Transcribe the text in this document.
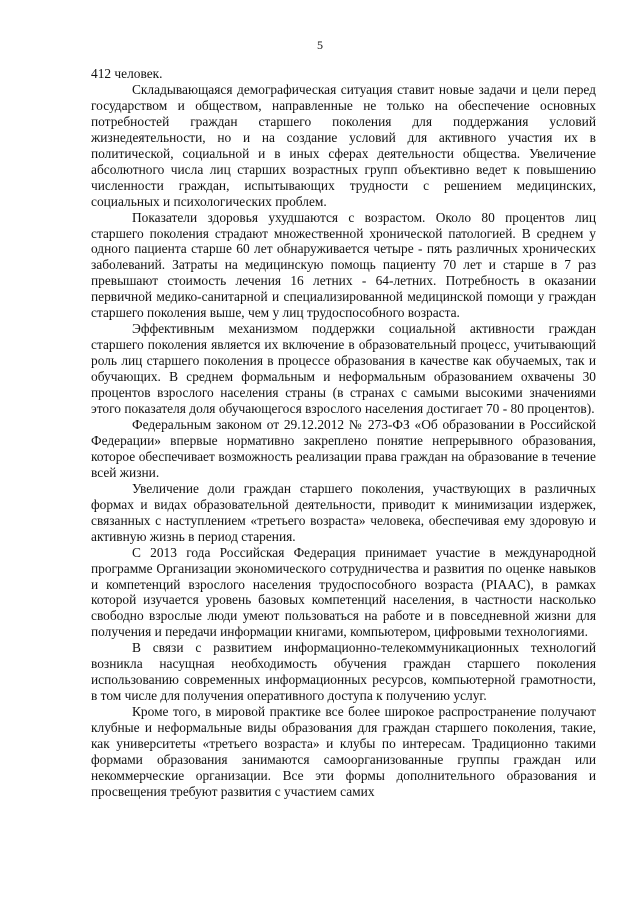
5

412 человек.

Складывающаяся демографическая ситуация ставит новые задачи и цели перед государством и обществом, направленные не только на обеспечение основных потребностей граждан старшего поколения для поддержания условий жизнедеятельности, но и на создание условий для активного участия их в политической, социальной и в иных сферах деятельности общества. Увеличение абсолютного числа лиц старших возрастных групп объективно ведет к повышению численности граждан, испытывающих трудности с решением медицинских, социальных и психологических проблем.

Показатели здоровья ухудшаются с возрастом. Около 80 процентов лиц старшего поколения страдают множественной хронической патологией. В среднем у одного пациента старше 60 лет обнаруживается четыре - пять различных хронических заболеваний. Затраты на медицинскую помощь пациенту 70 лет и старше в 7 раз превышают стоимость лечения 16 летних - 64-летних. Потребность в оказании первичной медико-санитарной и специализированной медицинской помощи у граждан старшего поколения выше, чем у лиц трудоспособного возраста.

Эффективным механизмом поддержки социальной активности граждан старшего поколения является их включение в образовательный процесс, учитывающий роль лиц старшего поколения в процессе образования в качестве как обучаемых, так и обучающих. В среднем формальным и неформальным образованием охвачены 30 процентов взрослого населения страны (в странах с самыми высокими значениями этого показателя доля обучающегося взрослого населения достигает 70 - 80 процентов).

Федеральным законом от 29.12.2012 № 273-ФЗ «Об образовании в Российской Федерации» впервые нормативно закреплено понятие непрерывного образования, которое обеспечивает возможность реализации права граждан на образование в течение всей жизни.

Увеличение доли граждан старшего поколения, участвующих в различных формах и видах образовательной деятельности, приводит к минимизации издержек, связанных с наступлением «третьего возраста» человека, обеспечивая ему здоровую и активную жизнь в период старения.

С 2013 года Российская Федерация принимает участие в международной программе Организации экономического сотрудничества и развития по оценке навыков и компетенций взрослого населения трудоспособного возраста (PIAAC), в рамках которой изучается уровень базовых компетенций населения, в частности насколько свободно взрослые люди умеют пользоваться на работе и в повседневной жизни для получения и передачи информации книгами, компьютером, цифровыми технологиями.

В связи с развитием информационно-телекоммуникационных технологий возникла насущная необходимость обучения граждан старшего поколения использованию современных информационных ресурсов, компьютерной грамотности, в том числе для получения оперативного доступа к получению услуг.

Кроме того, в мировой практике все более широкое распространение получают клубные и неформальные виды образования для граждан старшего поколения, такие, как университеты «третьего возраста» и клубы по интересам. Традиционно такими формами образования занимаются самоорганизованные группы граждан или некоммерческие организации. Все эти формы дополнительного образования и просвещения требуют развития с участием самих
